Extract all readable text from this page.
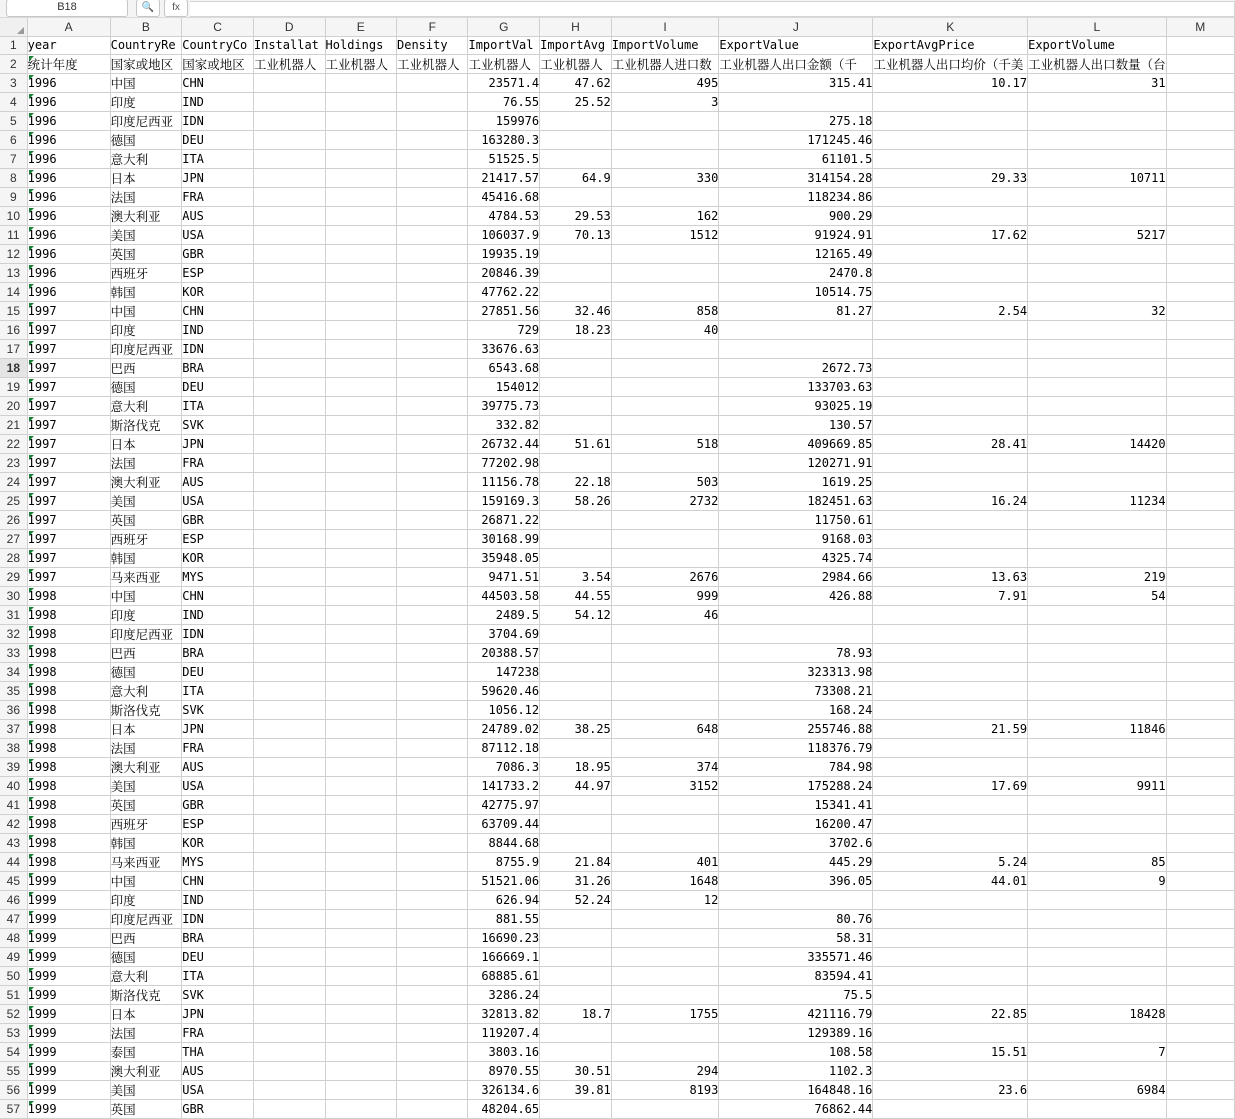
B18	🔍	fx
	A	B	C	D	E	F	G	H	I	J	K	L	M
1	year	CountryRe	CountryCo	Installat	Holdings	Density	ImportVal	ImportAvg	ImportVolume	ExportValue	ExportAvgPrice	ExportVolume	

2	统计年度	国家或地区	国家或地区	工业机器人	工业机器人	工业机器人	工业机器人	工业机器人	工业机器人进口数	工业机器人出口金额（千	工业机器人出口均价（千美	工业机器人出口数量（台	

3	1996	中国	CHN				23571.4	47.62	495	315.41	10.17	31	

4	1996	印度	IND				76.55	25.52	3				

5	1996	印度尼西亚	IDN				159976			275.18			

6	1996	德国	DEU				163280.3			171245.46			

7	1996	意大利	ITA				51525.5			61101.5			

8	1996	日本	JPN				21417.57	64.9	330	314154.28	29.33	10711	

9	1996	法国	FRA				45416.68			118234.86			

10	1996	澳大利亚	AUS				4784.53	29.53	162	900.29			

11	1996	美国	USA				106037.9	70.13	1512	91924.91	17.62	5217	

12	1996	英国	GBR				19935.19			12165.49			

13	1996	西班牙	ESP				20846.39			2470.8			

14	1996	韩国	KOR				47762.22			10514.75			

15	1997	中国	CHN				27851.56	32.46	858	81.27	2.54	32	

16	1997	印度	IND				729	18.23	40				

17	1997	印度尼西亚	IDN				33676.63						

18	1997	巴西	BRA				6543.68			2672.73			

19	1997	德国	DEU				154012			133703.63			

20	1997	意大利	ITA				39775.73			93025.19			

21	1997	斯洛伐克	SVK				332.82			130.57			

22	1997	日本	JPN				26732.44	51.61	518	409669.85	28.41	14420	

23	1997	法国	FRA				77202.98			120271.91			

24	1997	澳大利亚	AUS				11156.78	22.18	503	1619.25			

25	1997	美国	USA				159169.3	58.26	2732	182451.63	16.24	11234	

26	1997	英国	GBR				26871.22			11750.61			

27	1997	西班牙	ESP				30168.99			9168.03			

28	1997	韩国	KOR				35948.05			4325.74			

29	1997	马来西亚	MYS				9471.51	3.54	2676	2984.66	13.63	219	

30	1998	中国	CHN				44503.58	44.55	999	426.88	7.91	54	

31	1998	印度	IND				2489.5	54.12	46				

32	1998	印度尼西亚	IDN				3704.69						

33	1998	巴西	BRA				20388.57			78.93			

34	1998	德国	DEU				147238			323313.98			

35	1998	意大利	ITA				59620.46			73308.21			

36	1998	斯洛伐克	SVK				1056.12			168.24			

37	1998	日本	JPN				24789.02	38.25	648	255746.88	21.59	11846	

38	1998	法国	FRA				87112.18			118376.79			

39	1998	澳大利亚	AUS				7086.3	18.95	374	784.98			

40	1998	美国	USA				141733.2	44.97	3152	175288.24	17.69	9911	

41	1998	英国	GBR				42775.97			15341.41			

42	1998	西班牙	ESP				63709.44			16200.47			

43	1998	韩国	KOR				8844.68			3702.6			

44	1998	马来西亚	MYS				8755.9	21.84	401	445.29	5.24	85	

45	1999	中国	CHN				51521.06	31.26	1648	396.05	44.01	9	

46	1999	印度	IND				626.94	52.24	12				

47	1999	印度尼西亚	IDN				881.55			80.76			

48	1999	巴西	BRA				16690.23			58.31			

49	1999	德国	DEU				166669.1			335571.46			

50	1999	意大利	ITA				68885.61			83594.41			

51	1999	斯洛伐克	SVK				3286.24			75.5			

52	1999	日本	JPN				32813.82	18.7	1755	421116.79	22.85	18428	

53	1999	法国	FRA				119207.4			129389.16			

54	1999	泰国	THA				3803.16			108.58	15.51	7	

55	1999	澳大利亚	AUS				8970.55	30.51	294	1102.3			

56	1999	美国	USA				326134.6	39.81	8193	164848.16	23.6	6984	

57	1999	英国	GBR				48204.65			76862.44			
